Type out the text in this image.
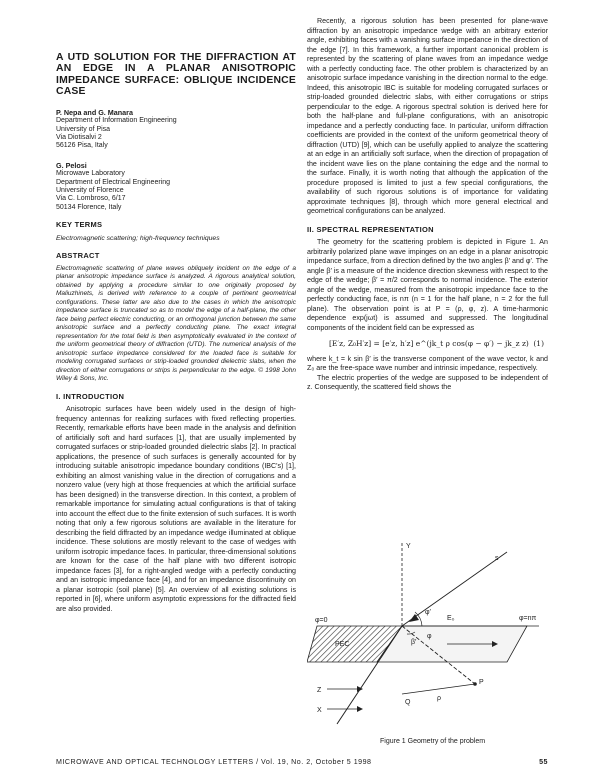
A UTD SOLUTION FOR THE DIFFRACTION AT AN EDGE IN A PLANAR ANISOTROPIC IMPEDANCE SURFACE: OBLIQUE INCIDENCE CASE
P. Nepa and G. Manara
Department of Information Engineering
University of Pisa
Via Diotisalvi 2
56126 Pisa, Italy
G. Pelosi
Microwave Laboratory
Department of Electrical Engineering
University of Florence
Via C. Lombroso, 6/17
50134 Florence, Italy
KEY TERMS
Electromagnetic scattering; high-frequency techniques
ABSTRACT
Electromagnetic scattering of plane waves obliquely incident on the edge of a planar anisotropic impedance surface is analyzed. A rigorous analytical solution, obtained by applying a procedure similar to one originally proposed by Maliuzhinets, is derived with reference to a couple of pertinent geometrical configurations. These latter are also due to the cases in which the anisotropic impedance surface is truncated so as to model the edge of a half-plane, the other face being perfect electric conducting, or an orthogonal junction between the same anisotropic surface and a perfectly conducting plane. The exact integral representation for the total field is then asymptotically evaluated in the context of the uniform geometrical theory of diffraction (UTD). The numerical analysis of the anisotropic surface impedance considered for the loaded face is suitable for modeling corrugated surfaces or strip-loaded grounded dielectric slabs, when the direction of either corrugations or strips is perpendicular to the edge. © 1998 John Wiley & Sons, Inc.
I. INTRODUCTION
Anisotropic surfaces have been widely used in the design of high-frequency antennas for realizing surfaces with fixed reflecting properties. Recently, remarkable efforts have been made in the analysis and definition of artificially soft and hard surfaces [1], that are usually implemented by corrugated surfaces or strip-loaded grounded dielectric slabs [2]. In practical applications, the presence of such surfaces is generally accounted for by introducing suitable anisotropic impedance boundary conditions (IBC's) [1], exhibiting an almost vanishing value in the direction of corrugations and a nonzero value (very high at those frequencies at which the artificial surface has been designed) in the transverse direction. In this context, a problem of remarkable importance for simulating actual configurations is that of taking into account the effect due to the finite extension of such surfaces. It is worth noting that only a few rigorous solutions are available in the literature for describing the field diffracted by an impedance wedge illuminated at oblique incidence. These solutions are mostly relevant to the case of wedges with uniform isotropic impedance faces. In particular, three-dimensional solutions are known for the case of the half plane with two different isotropic impedance faces [3], for a right-angled wedge with a perfectly conducting and an isotropic impedance face [4], and for an impedance discontinuity on a planar isotropic (soil plane) [5]. An overview of all existing solutions is reported in [6], where uniform asymptotic expressions for the diffracted field are also provided.
Recently, a rigorous solution has been presented for plane-wave diffraction by an anisotropic impedance wedge with an arbitrary exterior angle, exhibiting faces with a vanishing surface impedance in the direction of the edge [7]. In this framework, a further important canonical problem is represented by the scattering of plane waves from an impedance wedge with a perfectly conducting face. The other problem is characterized by an anisotropic surface impedance vanishing in the direction normal to the edge. Indeed, this anisotropic IBC is suitable for modeling corrugated surfaces or strip-loaded grounded dielectric slabs, with either corrugations or strips perpendicular to the edge. A rigorous spectral solution is derived here for both the half-plane and full-plane configurations, with an anisotropic impedance and a perfectly conducting face. In particular, uniform diffraction coefficients are provided in the context of the uniform geometrical theory of diffraction (UTD) [9], which can be usefully applied to analyze the scattering at an edge in an artificially soft surface, when the direction of propagation of the incident wave lies on the plane containing the edge and the normal to the surface. Finally, it is worth noting that although the application of the procedure proposed is limited to just a few special configurations, the availability of such rigorous solutions is of importance for validating approximate techniques [8], through which more general electrical and geometrical configurations can be analyzed.
II. SPECTRAL REPRESENTATION
The geometry for the scattering problem is depicted in Figure 1. An arbitrarily polarized plane wave impinges on an edge in a planar anisotropic impedance surface, from a direction defined by the two angles β′ and φ′. The angle β′ is a measure of the incidence direction skewness with respect to the edge of the wedge; β′ = π/2 corresponds to normal incidence. The exterior angle of the wedge, measured from the anisotropic impedance face to the perfectly conducting face, is nπ (n = 1 for the half plane, n = 2 for the full plane). The observation point is at P = (ρ, φ, z). A time-harmonic dependence exp(jωt) is assumed and suppressed. The longitudinal components of the incident field can be expressed as
[E′z, Z₀H′z] = [e′z, h′z] e^(jk_t ρ cos(φ − φ′) − jk_z z) (1)
where k_t = k sin β′ is the transverse component of the wave vector, k and Z₀ are the free-space wave number and intrinsic impedance, respectively.
The electric properties of the wedge are supposed to be independent of z. Consequently, the scattered field shows the
φ=0
PEC
E₀
s
φ=nπ
Z
X
Y
φ′
φ
β′
ρ
Q
P
Figure 1 Geometry of the problem
MICROWAVE AND OPTICAL TECHNOLOGY LETTERS / Vol. 19, No. 2, October 5 1998	55
